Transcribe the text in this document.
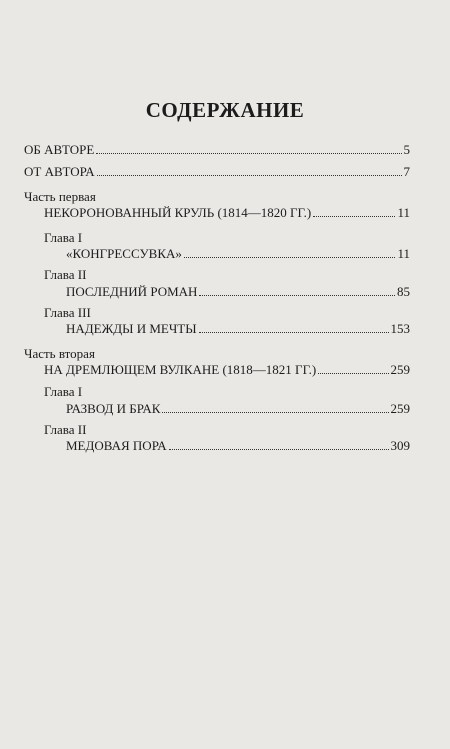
СОДЕРЖАНИЕ
ОБ АВТОРЕ	5
ОТ АВТОРА	7
Часть первая
НЕКОРОНОВАННЫЙ КРУЛЬ (1814—1820 ГГ.)	11
Глава I
«КОНГРЕССУВКА»	11
Глава II
ПОСЛЕДНИЙ РОМАН	85
Глава III
НАДЕЖДЫ И МЕЧТЫ	153
Часть вторая
НА ДРЕМЛЮЩЕМ ВУЛКАНЕ (1818—1821 ГГ.)	259
Глава I
РАЗВОД И БРАК	259
Глава II
МЕДОВАЯ ПОРА	309
